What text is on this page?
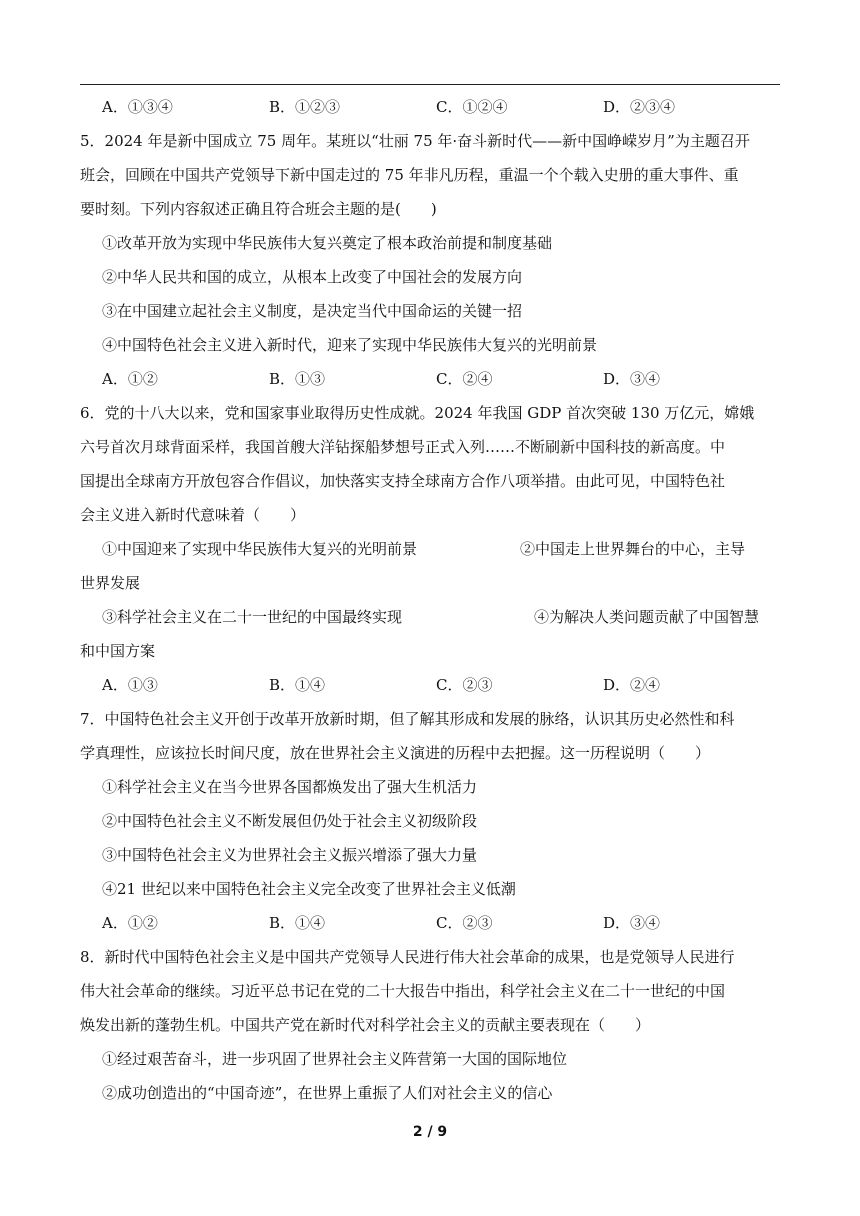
A．①③④	B．①②③	C．①②④	D．②③④
5．2024 年是新中国成立 75 周年。某班以“壮丽 75 年·奋斗新时代——新中国峥嵘岁月”为主题召开
班会，回顾在中国共产党领导下新中国走过的 75 年非凡历程，重温一个个载入史册的重大事件、重
要时刻。下列内容叙述正确且符合班会主题的是(　　)
①改革开放为实现中华民族伟大复兴奠定了根本政治前提和制度基础
②中华人民共和国的成立，从根本上改变了中国社会的发展方向
③在中国建立起社会主义制度，是决定当代中国命运的关键一招
④中国特色社会主义进入新时代，迎来了实现中华民族伟大复兴的光明前景
A．①②	B．①③	C．②④	D．③④
6．党的十八大以来，党和国家事业取得历史性成就。2024 年我国 GDP 首次突破 130 万亿元，嫦娥
六号首次月球背面采样，我国首艘大洋钻探船梦想号正式入列……不断刷新中国科技的新高度。中
国提出全球南方开放包容合作倡议，加快落实支持全球南方合作八项举措。由此可见，中国特色社
会主义进入新时代意味着（　　）
①中国迎来了实现中华民族伟大复兴的光明前景	②中国走上世界舞台的中心，主导
世界发展
③科学社会主义在二十一世纪的中国最终实现	④为解决人类问题贡献了中国智慧
和中国方案
A．①③	B．①④	C．②③	D．②④
7．中国特色社会主义开创于改革开放新时期，但了解其形成和发展的脉络，认识其历史必然性和科
学真理性，应该拉长时间尺度，放在世界社会主义演进的历程中去把握。这一历程说明（　　）
①科学社会主义在当今世界各国都焕发出了强大生机活力
②中国特色社会主义不断发展但仍处于社会主义初级阶段
③中国特色社会主义为世界社会主义振兴增添了强大力量
④21 世纪以来中国特色社会主义完全改变了世界社会主义低潮
A．①②	B．①④	C．②③	D．③④
8．新时代中国特色社会主义是中国共产党领导人民进行伟大社会革命的成果，也是党领导人民进行
伟大社会革命的继续。习近平总书记在党的二十大报告中指出，科学社会主义在二十一世纪的中国
焕发出新的蓬勃生机。中国共产党在新时代对科学社会主义的贡献主要表现在（　　）
①经过艰苦奋斗，进一步巩固了世界社会主义阵营第一大国的国际地位
②成功创造出的“中国奇迹”，在世界上重振了人们对社会主义的信心
2 / 9
